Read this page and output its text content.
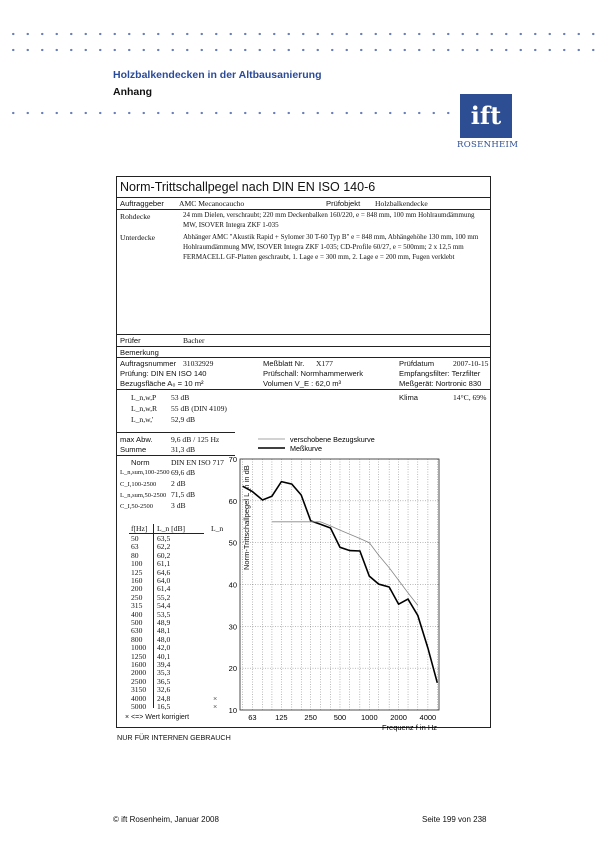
Holzbalkendecken in der Altbausanierung
Anhang
ift
ROSENHEIM
Norm-Trittschallpegel nach DIN EN ISO 140-6
Auftraggeber AMC Mecanocaucho	Prüfobjekt Holzbalkendecke
Rohdecke	24 mm Dielen, verschraubt; 220 mm Deckenbalken 160/220, e = 848 mm, 100 mm Hohlraumdämmung MW, ISOVER Integra ZKF 1-035
Unterdecke	Abhänger AMC "Akustik Rapid + Sylomer 30 T-60 Typ B" e = 848 mm, Abhängehöhe 130 mm, 100 mm Hohlraumdämmung MW, ISOVER Integra ZKF 1-035; CD-Profile 60/27, e = 500mm; 2 x 12,5 mm FERMACELL GF-Platten geschraubt, 1. Lage e = 300 mm, 2. Lage e = 200 mm, Fugen verklebt
Prüfer	Bacher
Bemerkung
Auftragsnummer 31032929	Meßblatt Nr. X177	Prüfdatum 2007-10-15
Prüfung: DIN EN ISO 140	Prüfschall: Normhammerwerk	Empfangsfilter: Terzfilter
Bezugsfläche A₀ = 10 m²	Volumen V_E : 62,0 m³	Meßgerät: Nortronic 830
L_n,w,P 53 dB
L_n,w,R 55 dB (DIN 4109)
L_n,w,' 52,9 dB
Klima	14°C, 69%
max Abw. 9,6 dB / 125 Hz
Summe	31,3 dB
Norm	DIN EN ISO 717
L_n,sum,100-2500 69,6 dB
C_I,100-2500 2 dB
L_n,sum,50-2500 71,5 dB
C_I,50-2500 3 dB
f[Hz] L_n [dB]	L_n
50 63,5
63 62,2
80 60,2
100 61,1
125 64,6
160 64,0
200 61,4
250 55,2
315 54,4
400 53,5
500 48,9
630 48,1
800 48,0
1000 42,0
1250 40,1
1600 39,4
2000 35,3
2500 36,5
3150 32,6
4000 24,8	×
5000 16,5	×
× <=> Wert korrigiert
10
20
30
40
50
60
70
63 125 250 500 1000 2000 4000
verschobene Bezugskurve
Meßkurve
Frequenz f in Hz
NUR FÜR INTERNEN GEBRAUCH
© ift Rosenheim, Januar 2008	Seite 199 von 238
Norm-Trittschallpegel L_n in dB
